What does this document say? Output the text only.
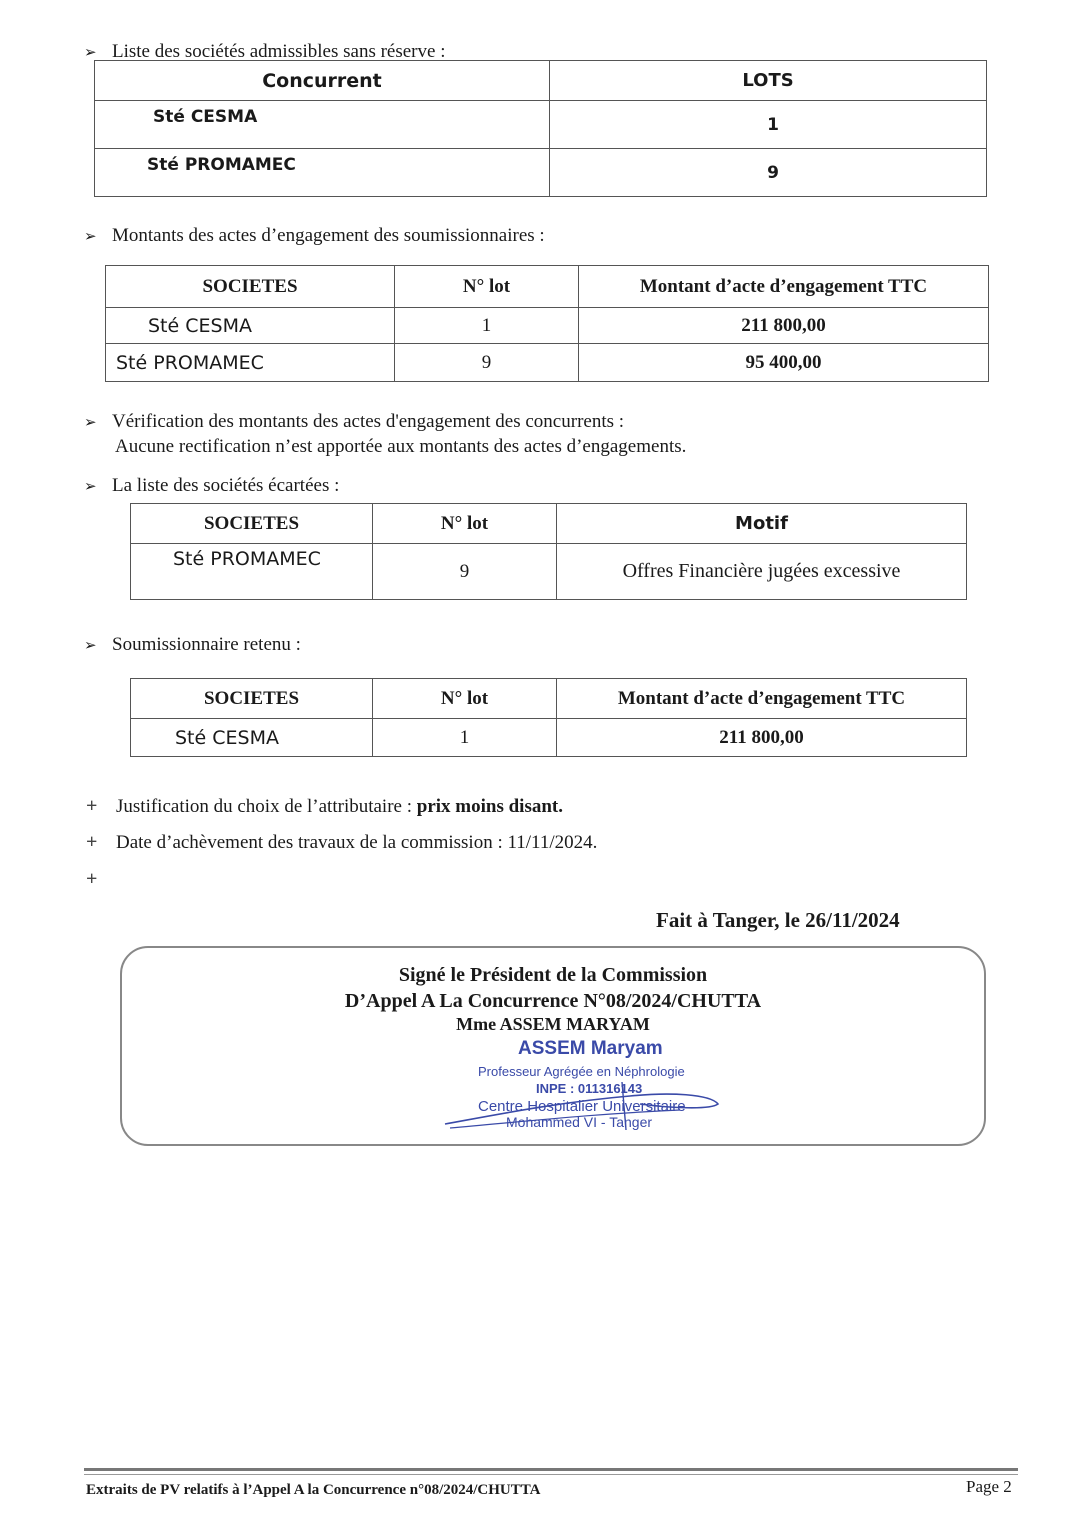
➢ Liste des sociétés admissibles sans réserve :
Concurrent	LOTS
Sté CESMA	1
Sté PROMAMEC	9
➢ Montants des actes d’engagement des soumissionnaires :
SOCIETES	N° lot	Montant d’acte d’engagement TTC
Sté CESMA	1	211 800,00
Sté PROMAMEC	9	95 400,00
➢ Vérification des montants des actes d'engagement des concurrents :
Aucune rectification n’est apportée aux montants des actes d’engagements.
➢ La liste des sociétés écartées :
SOCIETES	N° lot	Motif
Sté PROMAMEC	9	Offres Financière jugées excessive
➢ Soumissionnaire retenu :
SOCIETES	N° lot	Montant d’acte d’engagement TTC
Sté CESMA	1	211 800,00
+ Justification du choix de l’attributaire : prix moins disant.
+ Date d’achèvement des travaux de la commission : 11/11/2024.
+
Fait à Tanger, le 26/11/2024
Signé le Président de la Commission
D’Appel A La Concurrence N°08/2024/CHUTTA
Mme ASSEM MARYAM
ASSEM Maryam
Professeur Agrégée en Néphrologie
INPE : 011316143
Centre Hospitalier Universitaire
Mohammed VI - Tanger
Extraits de PV relatifs à l’Appel A la Concurrence n°08/2024/CHUTTA	Page 2
